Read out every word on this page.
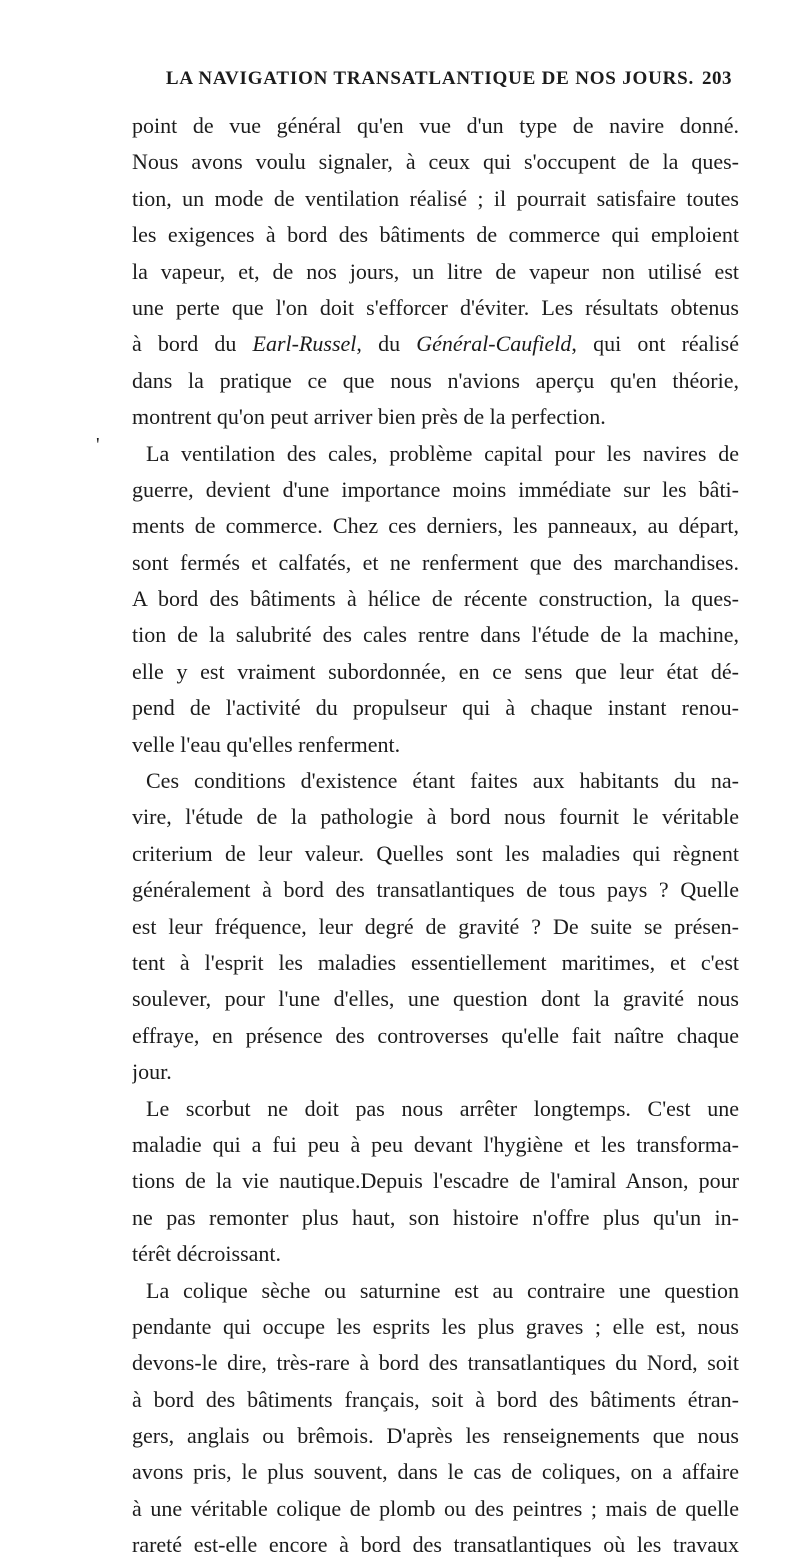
LA NAVIGATION TRANSATLANTIQUE DE NOS JOURS. 203
'
point de vue général qu'en vue d'un type de navire donné.
Nous avons voulu signaler, à ceux qui s'occupent de la ques-
tion, un mode de ventilation réalisé ; il pourrait satisfaire toutes
les exigences à bord des bâtiments de commerce qui emploient
la vapeur, et, de nos jours, un litre de vapeur non utilisé est
une perte que l'on doit s'efforcer d'éviter. Les résultats obtenus
à bord du Earl-Russel, du Général-Caufield, qui ont réalisé
dans la pratique ce que nous n'avions aperçu qu'en théorie,
montrent qu'on peut arriver bien près de la perfection.
La ventilation des cales, problème capital pour les navires de
guerre, devient d'une importance moins immédiate sur les bâti-
ments de commerce. Chez ces derniers, les panneaux, au départ,
sont fermés et calfatés, et ne renferment que des marchandises.
A bord des bâtiments à hélice de récente construction, la ques-
tion de la salubrité des cales rentre dans l'étude de la machine,
elle y est vraiment subordonnée, en ce sens que leur état dé-
pend de l'activité du propulseur qui à chaque instant renou-
velle l'eau qu'elles renferment.
Ces conditions d'existence étant faites aux habitants du na-
vire, l'étude de la pathologie à bord nous fournit le véritable
criterium de leur valeur. Quelles sont les maladies qui règnent
généralement à bord des transatlantiques de tous pays ? Quelle
est leur fréquence, leur degré de gravité ? De suite se présen-
tent à l'esprit les maladies essentiellement maritimes, et c'est
soulever, pour l'une d'elles, une question dont la gravité nous
effraye, en présence des controverses qu'elle fait naître chaque
jour.
Le scorbut ne doit pas nous arrêter longtemps. C'est une
maladie qui a fui peu à peu devant l'hygiène et les transforma-
tions de la vie nautique.Depuis l'escadre de l'amiral Anson, pour
ne pas remonter plus haut, son histoire n'offre plus qu'un in-
térêt décroissant.
La colique sèche ou saturnine est au contraire une question
pendante qui occupe les esprits les plus graves ; elle est, nous
devons-le dire, très-rare à bord des transatlantiques du Nord, soit
à bord des bâtiments français, soit à bord des bâtiments étran-
gers, anglais ou brêmois. D'après les renseignements que nous
avons pris, le plus souvent, dans le cas de coliques, on a affaire
à une véritable colique de plomb ou des peintres ; mais de quelle
rareté est-elle encore à bord des transatlantiques où les travaux
